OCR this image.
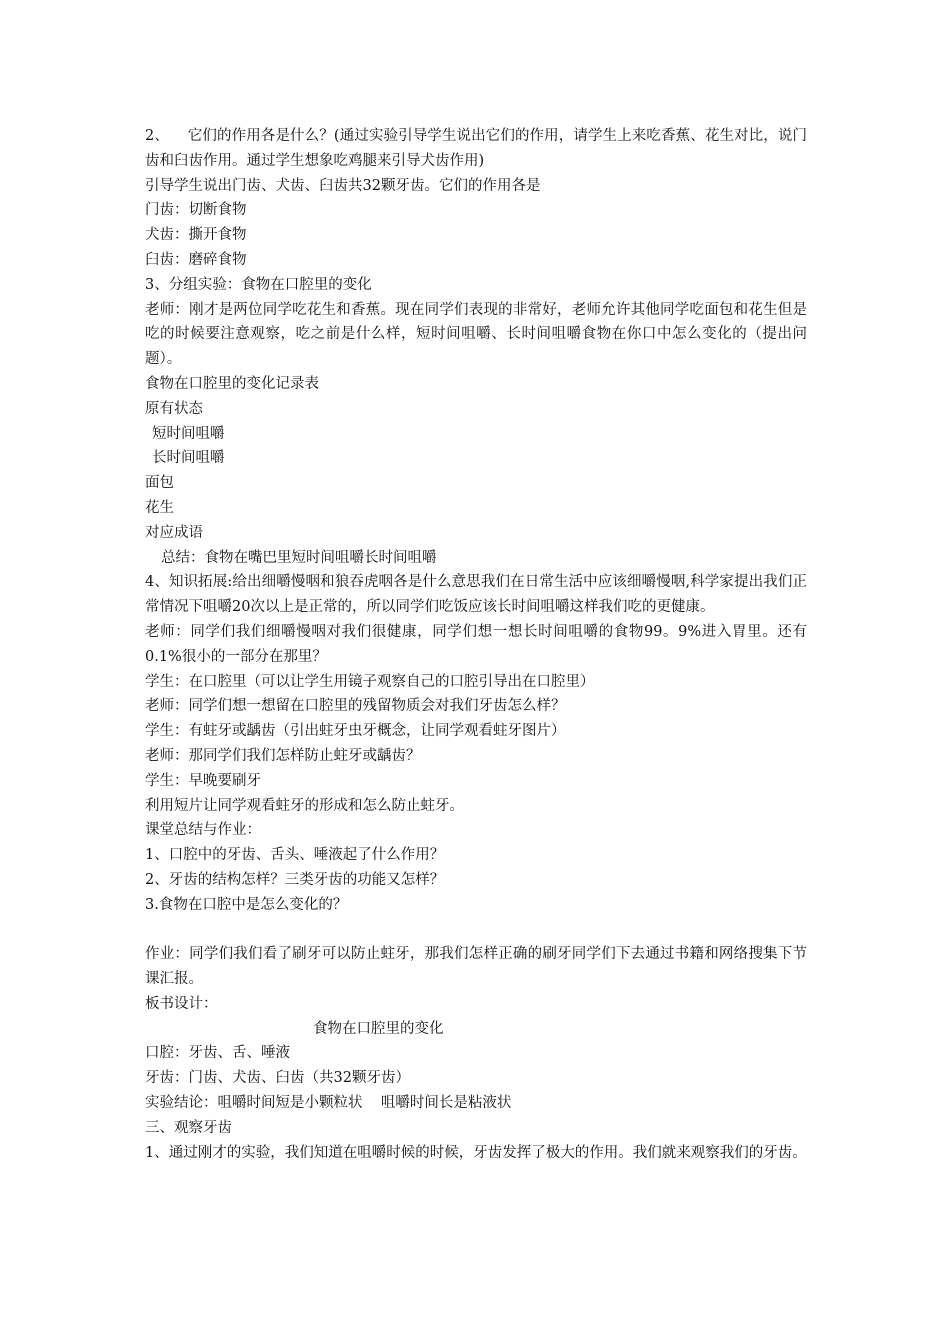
2、    它们的作用各是什么？(通过实验引导学生说出它们的作用，请学生上来吃香蕉、花生对比，说门齿和臼齿作用。通过学生想象吃鸡腿来引导犬齿作用)

引导学生说出门齿、犬齿、臼齿共32颗牙齿。它们的作用各是

门齿：切断食物

犬齿：撕开食物

臼齿：磨碎食物

3、分组实验：食物在口腔里的变化

老师：刚才是两位同学吃花生和香蕉。现在同学们表现的非常好，老师允许其他同学吃面包和花生但是吃的时候要注意观察，吃之前是什么样，短时间咀嚼、长时间咀嚼食物在你口中怎么变化的（提出问题）。

食物在口腔里的变化记录表

原有状态

短时间咀嚼

长时间咀嚼

面包

花生

对应成语

总结：食物在嘴巴里短时间咀嚼长时间咀嚼

4、知识拓展:给出细嚼慢咽和狼吞虎咽各是什么意思我们在日常生活中应该细嚼慢咽,科学家提出我们正常情况下咀嚼20次以上是正常的，所以同学们吃饭应该长时间咀嚼这样我们吃的更健康。

老师：同学们我们细嚼慢咽对我们很健康，同学们想一想长时间咀嚼的食物99。9%进入胃里。还有0.1%很小的一部分在那里？

学生：在口腔里（可以让学生用镜子观察自己的口腔引导出在口腔里）

老师：同学们想一想留在口腔里的残留物质会对我们牙齿怎么样？

学生：有蛀牙或龋齿（引出蛀牙虫牙概念，让同学观看蛀牙图片）

老师：那同学们我们怎样防止蛀牙或龋齿？

学生：早晚要刷牙

利用短片让同学观看蛀牙的形成和怎么防止蛀牙。

课堂总结与作业：

1、口腔中的牙齿、舌头、唾液起了什么作用？

2、牙齿的结构怎样？三类牙齿的功能又怎样？

3.食物在口腔中是怎么变化的？

作业：同学们我们看了刷牙可以防止蛀牙，那我们怎样正确的刷牙同学们下去通过书籍和网络搜集下节课汇报。

板书设计：

食物在口腔里的变化

口腔：牙齿、舌、唾液

牙齿：门齿、犬齿、臼齿（共32颗牙齿）

实验结论：咀嚼时间短是小颗粒状    咀嚼时间长是粘液状

三、观察牙齿

1、通过刚才的实验，我们知道在咀嚼时候的时候，牙齿发挥了极大的作用。我们就来观察我们的牙齿。
